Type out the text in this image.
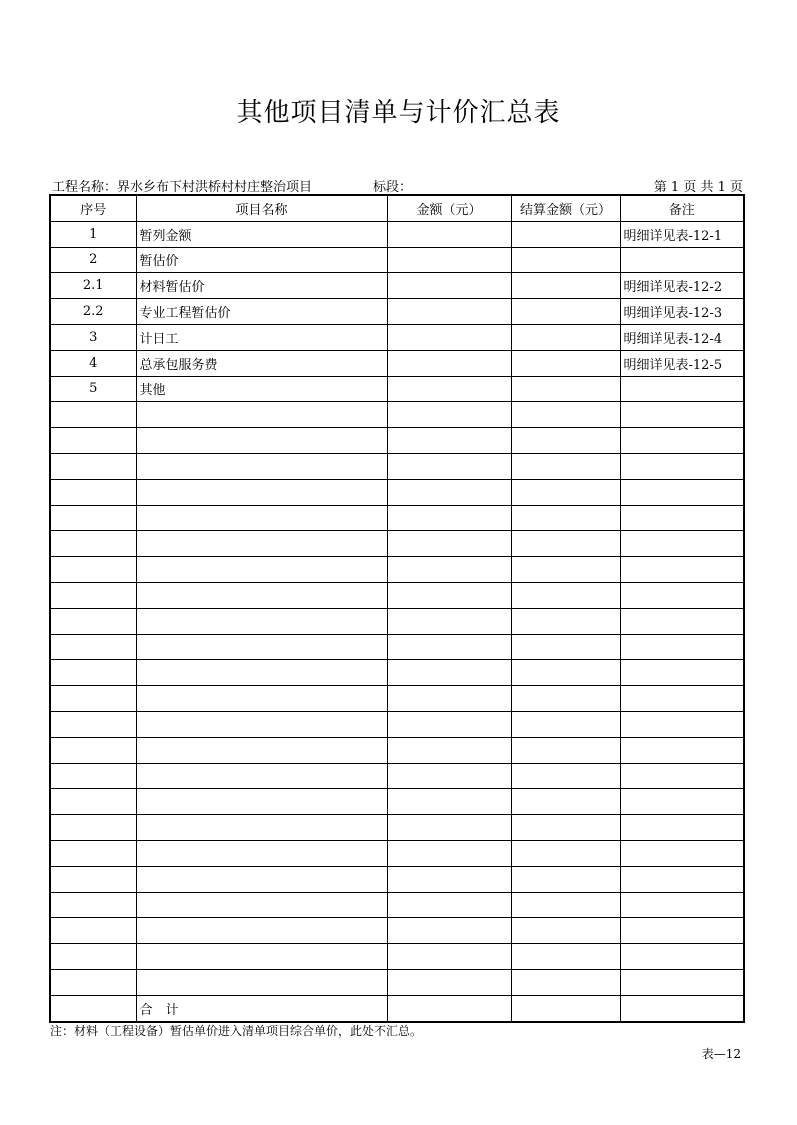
其他项目清单与计价汇总表
工程名称：界水乡布下村洪桥村村庄整治项目	标段：	第 1 页 共 1 页
序号	项目名称	金额（元）	结算金额（元）	备注
1	暂列金额			明细详见表-12-1
2	暂估价			
2.1	材料暂估价			明细详见表-12-2
2.2	专业工程暂估价			明细详见表-12-3
3	计日工			明细详见表-12-4
4	总承包服务费			明细详见表-12-5
5	其他			

	合　计			
注：材料（工程设备）暂估单价进入清单项目综合单价，此处不汇总。
表—12
